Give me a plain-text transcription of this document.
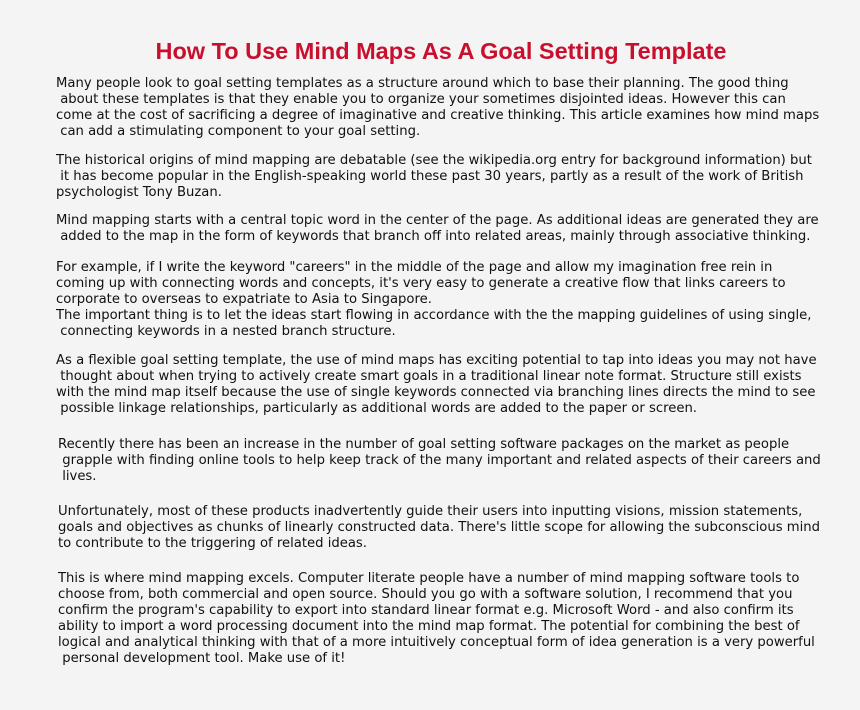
How To Use Mind Maps As A Goal Setting Template

Many people look to goal setting templates as a structure around which to base their planning. The good thing
about these templates is that they enable you to organize your sometimes disjointed ideas. However this can
come at the cost of sacrificing a degree of imaginative and creative thinking. This article examines how mind maps
can add a stimulating component to your goal setting.

The historical origins of mind mapping are debatable (see the wikipedia.org entry for background information) but
it has become popular in the English-speaking world these past 30 years, partly as a result of the work of British
psychologist Tony Buzan.

Mind mapping starts with a central topic word in the center of the page. As additional ideas are generated they are
added to the map in the form of keywords that branch off into related areas, mainly through associative thinking.

For example, if I write the keyword "careers" in the middle of the page and allow my imagination free rein in
coming up with connecting words and concepts, it's very easy to generate a creative flow that links careers to
corporate to overseas to expatriate to Asia to Singapore.
The important thing is to let the ideas start flowing in accordance with the the mapping guidelines of using single,
connecting keywords in a nested branch structure.

As a flexible goal setting template, the use of mind maps has exciting potential to tap into ideas you may not have
thought about when trying to actively create smart goals in a traditional linear note format. Structure still exists
with the mind map itself because the use of single keywords connected via branching lines directs the mind to see
possible linkage relationships, particularly as additional words are added to the paper or screen.

Recently there has been an increase in the number of goal setting software packages on the market as people
grapple with finding online tools to help keep track of the many important and related aspects of their careers and
lives.

Unfortunately, most of these products inadvertently guide their users into inputting visions, mission statements,
goals and objectives as chunks of linearly constructed data. There's little scope for allowing the subconscious mind
to contribute to the triggering of related ideas.

This is where mind mapping excels. Computer literate people have a number of mind mapping software tools to
choose from, both commercial and open source. Should you go with a software solution, I recommend that you
confirm the program's capability to export into standard linear format e.g. Microsoft Word - and also confirm its
ability to import a word processing document into the mind map format. The potential for combining the best of
logical and analytical thinking with that of a more intuitively conceptual form of idea generation is a very powerful
personal development tool. Make use of it!
